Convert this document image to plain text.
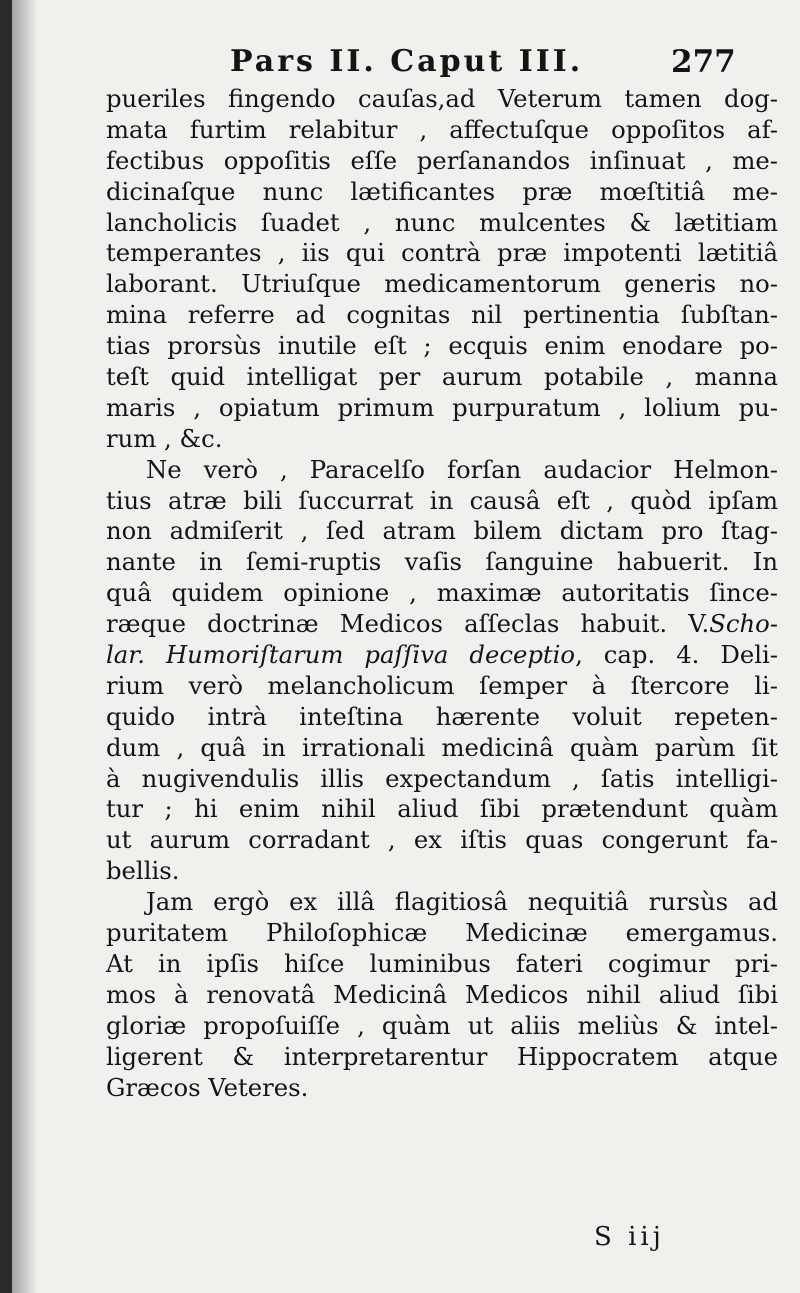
Pars II. Caput III.	277
pueriles fingendo cauſas,ad Veterum tamen dog-
mata furtim relabitur , affectuſque oppoſitos af-
fectibus oppoſitis eſſe perſanandos inſinuat , me-
dicinaſque nunc lætificantes præ mœſtitiâ me-
lancholicis ſuadet , nunc mulcentes & lætitiam
temperantes , iis qui contrà præ impotenti lætitiâ
laborant. Utriuſque medicamentorum generis no-
mina referre ad cognitas nil pertinentia ſubſtan-
tias prorsùs inutile eſt ; ecquis enim enodare po-
teſt quid intelligat per aurum potabile , manna
maris , opiatum primum purpuratum , lolium pu-
rum , &c.
Ne verò , Paracelſo forſan audacior Helmon-
tius atræ bili ſuccurrat in causâ eſt , quòd ipſam
non admiſerit , ſed atram bilem dictam pro ſtag-
nante in ſemi-ruptis vaſis ſanguine habuerit. In
quâ quidem opinione , maximæ autoritatis ſince-
ræque doctrinæ Medicos aſſeclas habuit. V.Scho-
lar. Humoriſtarum paſſiva deceptio, cap. 4. Deli-
rium verò melancholicum ſemper à ſtercore li-
quido intrà inteſtina hærente voluit repeten-
dum , quâ in irrationali medicinâ quàm parùm ſit
à nugivendulis illis expectandum , ſatis intelligi-
tur ; hi enim nihil aliud ſibi prætendunt quàm
ut aurum corradant , ex iſtis quas congerunt fa-
bellis.
Jam ergò ex illâ flagitiosâ nequitiâ rursùs ad
puritatem Philoſophicæ Medicinæ emergamus.
At in ipſis hiſce luminibus fateri cogimur pri-
mos à renovatâ Medicinâ Medicos nihil aliud ſibi
gloriæ propoſuiſſe , quàm ut aliis meliùs & intel-
ligerent & interpretarentur Hippocratem atque
Græcos Veteres.
S iij
